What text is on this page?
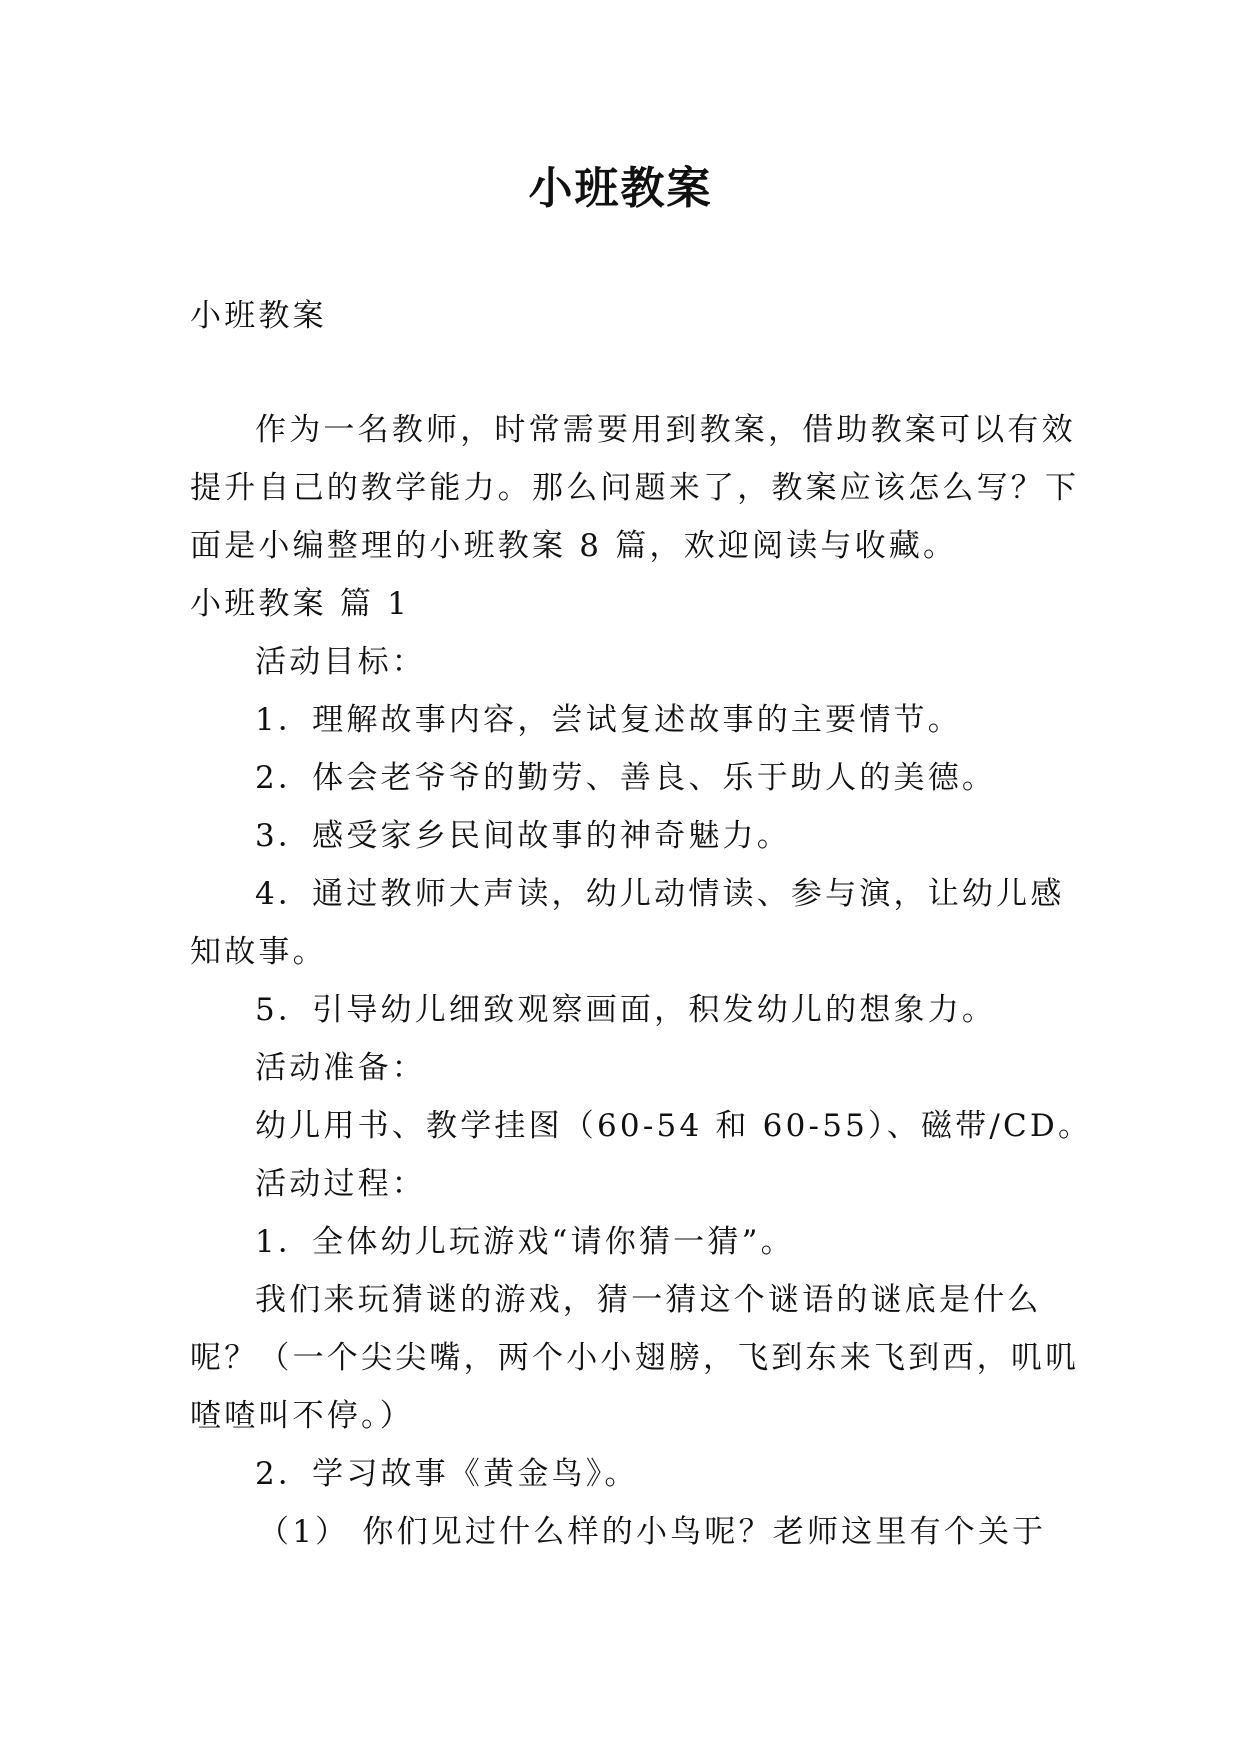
小班教案

小班教案

作为一名教师，时常需要用到教案，借助教案可以有效

提升自己的教学能力。那么问题来了，教案应该怎么写？下

面是小编整理的小班教案 8 篇，欢迎阅读与收藏。

小班教案 篇 1

活动目标：

1．理解故事内容，尝试复述故事的主要情节。

2．体会老爷爷的勤劳、善良、乐于助人的美德。

3．感受家乡民间故事的神奇魅力。

4．通过教师大声读，幼儿动情读、参与演，让幼儿感

知故事。

5．引导幼儿细致观察画面，积发幼儿的想象力。

活动准备：

幼儿用书、教学挂图（60-54 和 60-55）、磁带/CD。

活动过程：

1．全体幼儿玩游戏“请你猜一猜”。

我们来玩猜谜的游戏，猜一猜这个谜语的谜底是什么

呢？（一个尖尖嘴，两个小小翅膀，飞到东来飞到西，叽叽

喳喳叫不停。）

2．学习故事《黄金鸟》。

（1） 你们见过什么样的小鸟呢？老师这里有个关于
